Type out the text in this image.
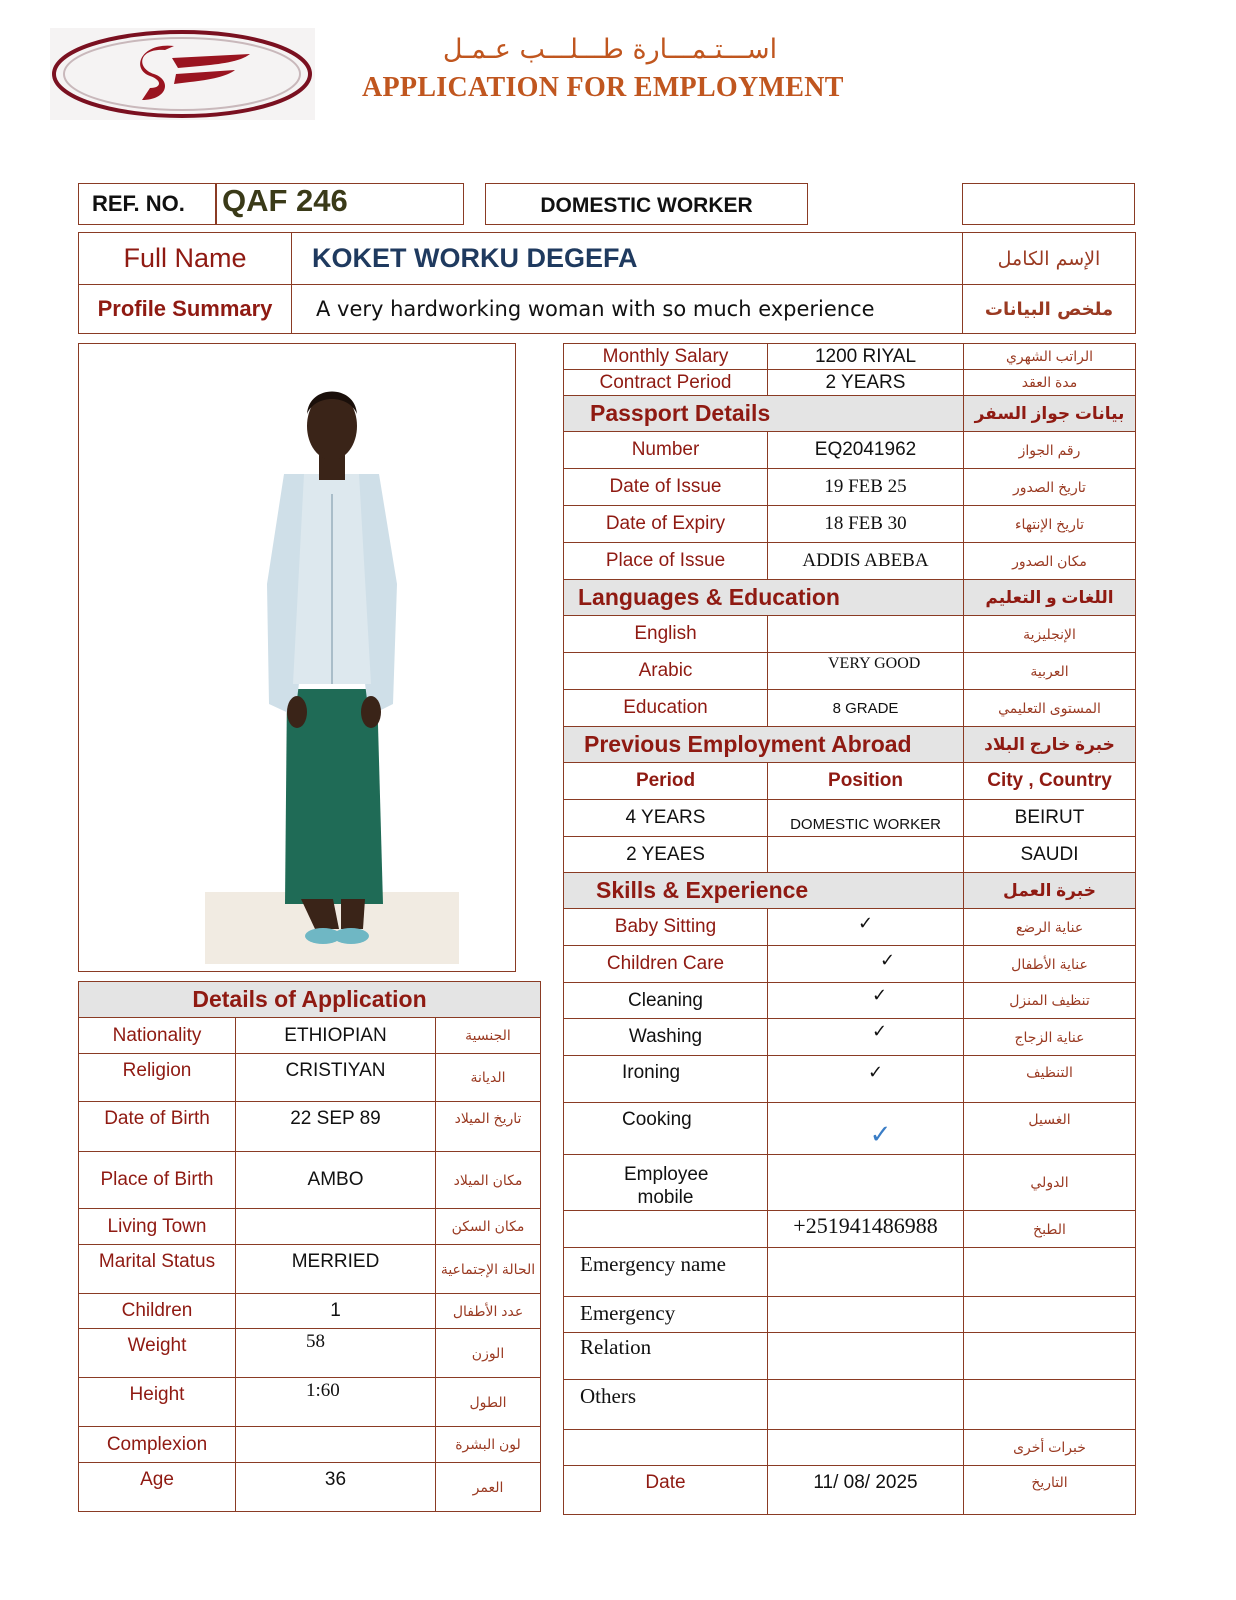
اســـتـمـــارة طـــلـــب عـمـل
APPLICATION FOR EMPLOYMENT
REF. NO. QAF 246	DOMESTIC WORKER
Full Name	KOKET WORKU DEGEFA	الإسم الكامل
Profile Summary	A very hardworking woman with so much experience	ملخص البيانات
Details of Application		
Nationality	ETHIOPIAN	الجنسية
Religion	CRISTIYAN	الديانة
Date of Birth	22 SEP 89	تاريخ الميلاد
Place of Birth	AMBO	مكان الميلاد
Living Town		مكان السكن
Marital Status	MERRIED	الحالة الإجتماعية
Children	1	عدد الأطفال
Weight	58	الوزن
Height	1:60	الطول
Complexion		لون البشرة
Age	36	العمر
Monthly Salary	1200 RIYAL	الراتب الشهري
Contract Period	2 YEARS	مدة العقد
Passport Details		بيانات جواز السفر
Number	EQ2041962	رقم الجواز
Date of Issue	19 FEB 25	تاريخ الصدور
Date of Expiry	18 FEB 30	تاريخ الإنتهاء
Place of Issue	ADDIS ABEBA	مكان الصدور
Languages & Education		اللغات و التعليم
English		الإنجليزية
Arabic	VERY GOOD	العربية
Education	8 GRADE	المستوى التعليمي
Previous Employment Abroad		خبرة خارج البلاد
Period	Position	City , Country
4 YEARS	DOMESTIC WORKER	BEIRUT
2 YEAES		SAUDI
Skills & Experience		خبرة العمل
Baby Sitting	✓	عناية الرضع
Children Care	✓	عناية الأطفال
Cleaning	✓	تنظيف المنزل
Washing	✓	عناية الزجاج
Ironing	✓	التنظيف
Cooking	✓	الغسيل
Employee mobile		الدولي
	+251941486988	الطبخ
Emergency name		
Emergency		
Relation		
Others		
		خبرات أخرى
Date	11/ 08/ 2025	التاريخ
